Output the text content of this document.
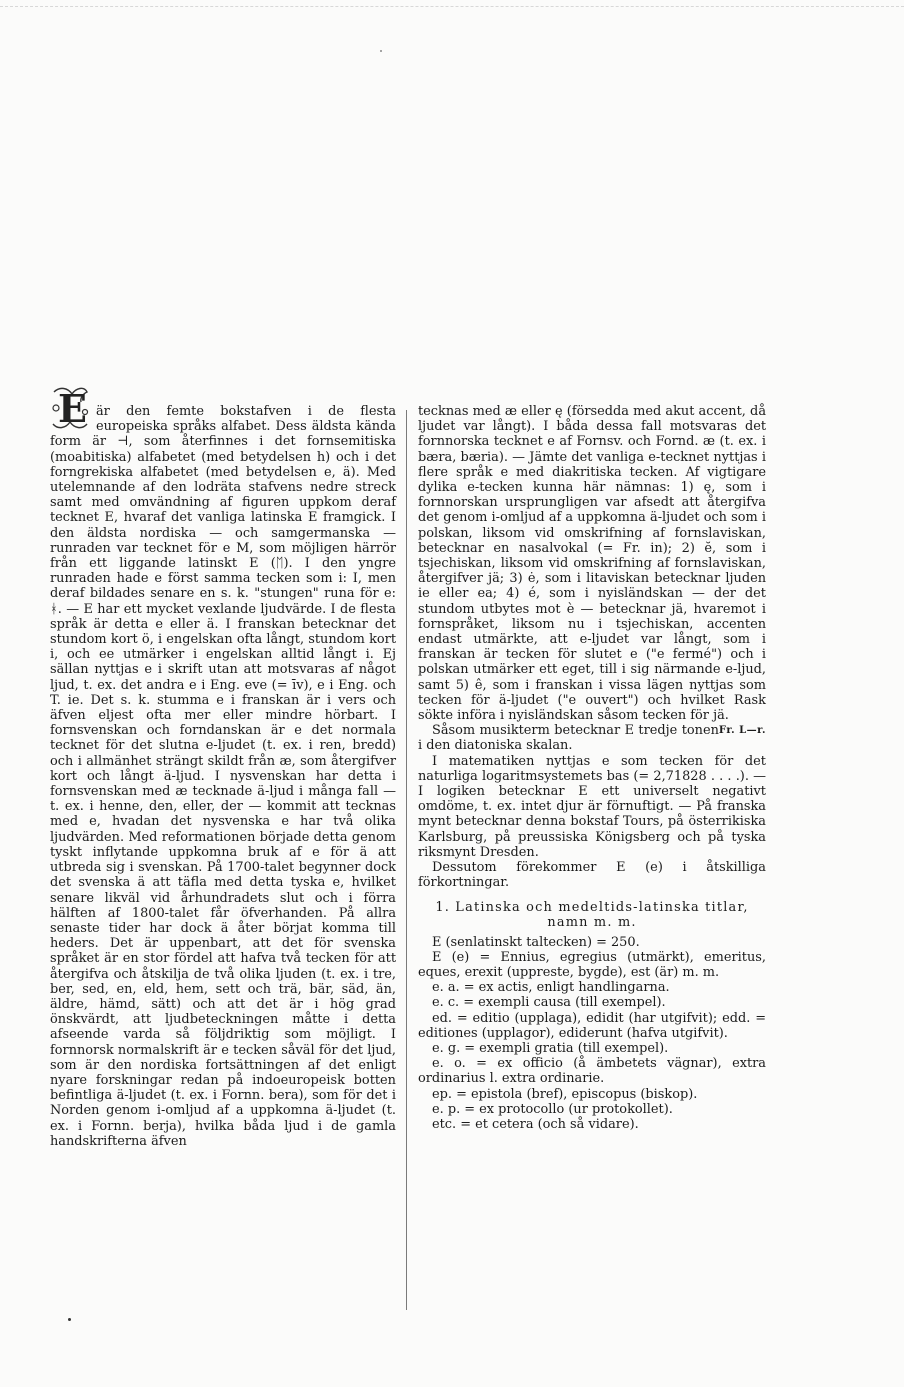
E är den femte bokstafven i de flesta europeiska språks alfabet. Dess äldsta kända form är ⊣, som återfinnes i det fornsemitiska (moabitiska) alfabetet (med betydelsen h) och i det forngrekiska alfabetet (med betydelsen e, ä). Med utelemnande af den lodräta stafvens nedre streck samt med omvändning af figuren uppkom deraf tecknet E, hvaraf det vanliga latinska E framgick. I den äldsta nordiska — och samgermanska — runraden var tecknet för e M, som möjligen härrör från ett liggande latinskt E (ᛖ). I den yngre runraden hade e först samma tecken som i: I, men deraf bildades senare en s. k. "stungen" runa för e: ᚼ. — E har ett mycket vexlande ljudvärde. I de flesta språk är detta e eller ä. I franskan betecknar det stundom kort ö, i engelskan ofta långt, stundom kort i, och ee utmärker i engelskan alltid långt i. Ej sällan nyttjas e i skrift utan att motsvaras af något ljud, t. ex. det andra e i Eng. eve (= īv), e i Eng. och T. ie. Det s. k. stumma e i franskan är i vers och äfven eljest ofta mer eller mindre hörbart. I fornsvenskan och forndanskan är e det normala tecknet för det slutna e-ljudet (t. ex. i ren, bredd) och i allmänhet strängt skildt från æ, som återgifver kort och långt ä-ljud. I nysvenskan har detta i fornsvenskan med æ tecknade ä-ljud i många fall — t. ex. i henne, den, eller, der — kommit att tecknas med e, hvadan det nysvenska e har två olika ljudvärden. Med reformationen började detta genom tyskt inflytande uppkomna bruk af e för ä att utbreda sig i svenskan. På 1700-talet begynner dock det svenska ä att täfla med detta tyska e, hvilket senare likväl vid århundradets slut och i förra hälften af 1800-talet får öfverhanden. På allra senaste tider har dock ä åter börjat komma till heders. Det är uppenbart, att det för svenska språket är en stor fördel att hafva två tecken för att återgifva och åtskilja de två olika ljuden (t. ex. i tre, ber, sed, en, eld, hem, sett och trä, bär, säd, än, äldre, hämd, sätt) och att det är i hög grad önskvärdt, att ljudbeteckningen måtte i detta afseende varda så följdriktig som möjligt. I fornnorsk normalskrift är e tecken såväl för det ljud, som är den nordiska fortsättningen af det enligt nyare forskningar redan på indoeuropeisk botten befintliga ä-ljudet (t. ex. i Fornn. bera), som för det i Norden genom i-omljud af a uppkomna ä-ljudet (t. ex. i Fornn. berja), hvilka båda ljud i de gamla handskrifterna äfven

tecknas med æ eller ę (försedda med akut accent, då ljudet var långt). I båda dessa fall motsvaras det fornnorska tecknet e af Fornsv. och Fornd. æ (t. ex. i bæra, bæria). — Jämte det vanliga e-tecknet nyttjas i flere språk e med diakritiska tecken. Af vigtigare dylika e-tecken kunna här nämnas: 1) ę, som i fornnorskan ursprungligen var afsedt att återgifva det genom i-omljud af a uppkomna ä-ljudet och som i polskan, liksom vid omskrifning af fornslaviskan, betecknar en nasalvokal (= Fr. in); 2) ĕ, som i tsjechiskan, liksom vid omskrifning af fornslaviskan, återgifver jä; 3) ė, som i litaviskan betecknar ljuden ie eller ea; 4) é, som i nyisländskan — der det stundom utbytes mot è — betecknar jä, hvaremot i fornspråket, liksom nu i tsjechiskan, accenten endast utmärkte, att e-ljudet var långt, som i franskan är tecken för slutet e ("e fermé") och i polskan utmärker ett eget, till i sig närmande e-ljud, samt 5) ê, som i franskan i vissa lägen nyttjas som tecken för ä-ljudet ("e ouvert") och hvilket Rask sökte införa i nyisländskan såsom tecken för jä.
Fr. L—r.

Såsom musikterm betecknar E tredje tonen i den diatoniska skalan.

I matematiken nyttjas e som tecken för det naturliga logaritmsystemets bas (= 2,71828 . . . .). — I logiken betecknar E ett universelt negativt omdöme, t. ex. intet djur är förnuftigt. — På franska mynt betecknar denna bokstaf Tours, på österrikiska Karlsburg, på preussiska Königsberg och på tyska riksmynt Dresden.

Dessutom förekommer E (e) i åtskilliga förkortningar.

1. Latinska och medeltids-latinska titlar, namn m. m.

E (senlatinskt taltecken) = 250.

E (e) = Ennius, egregius (utmärkt), emeritus, eques, erexit (uppreste, bygde), est (är) m. m.

e. a. = ex actis, enligt handlingarna.

e. c. = exempli causa (till exempel).

ed. = editio (upplaga), edidit (har utgifvit); edd. = editiones (upplagor), ediderunt (hafva utgifvit).

e. g. = exempli gratia (till exempel).

e. o. = ex officio (å ämbetets vägnar), extra ordinarius l. extra ordinarie.

ep. = epistola (bref), episcopus (biskop).

e. p. = ex protocollo (ur protokollet).

etc. = et cetera (och så vidare).
